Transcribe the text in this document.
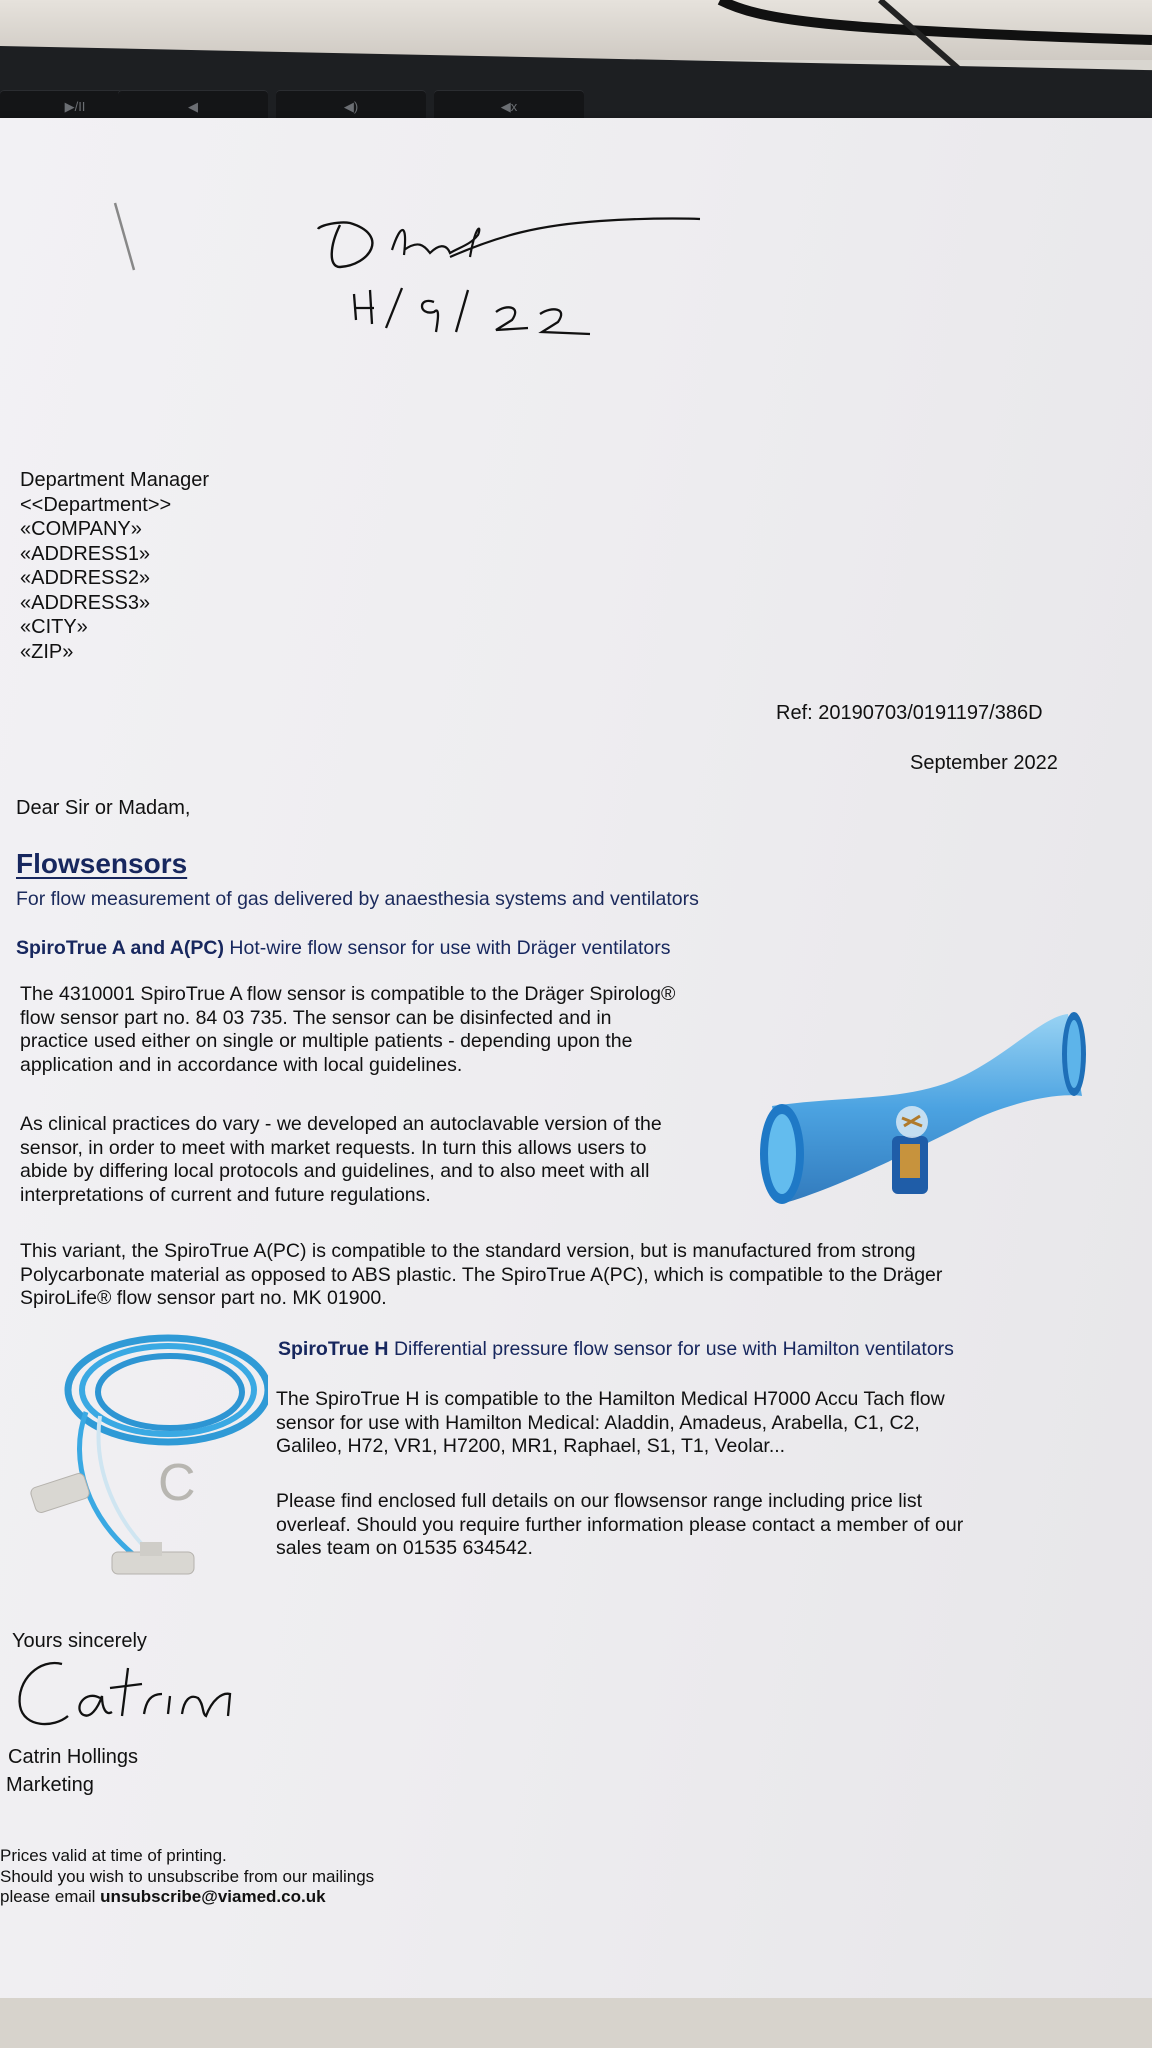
▶/II	◀	◀)	◀x
Department Manager
<<Department>>
«COMPANY»
«ADDRESS1»
«ADDRESS2»
«ADDRESS3»
«CITY»
«ZIP»
Ref: 20190703/0191197/386D
September 2022
Dear Sir or Madam,
Flowsensors
For flow measurement of gas delivered by anaesthesia systems and ventilators
SpiroTrue A and A(PC) Hot-wire flow sensor for use with Dräger ventilators
The 4310001 SpiroTrue A flow sensor is compatible to the Dräger Spirolog®
flow sensor part no. 84 03 735. The sensor can be disinfected and in
practice used either on single or multiple patients - depending upon the
application and in accordance with local guidelines.
As clinical practices do vary - we developed an autoclavable version of the
sensor, in order to meet with market requests. In turn this allows users to
abide by differing local protocols and guidelines, and to also meet with all
interpretations of current and future regulations.
This variant, the SpiroTrue A(PC) is compatible to the standard version, but is manufactured from strong
Polycarbonate material as opposed to ABS plastic. The SpiroTrue A(PC), which is compatible to the Dräger
SpiroLife® flow sensor part no. MK 01900.
SpiroTrue H Differential pressure flow sensor for use with Hamilton ventilators
The SpiroTrue H is compatible to the Hamilton Medical H7000 Accu Tach flow
sensor for use with Hamilton Medical: Aladdin, Amadeus, Arabella, C1, C2,
Galileo, H72, VR1, H7200, MR1, Raphael, S1, T1, Veolar...
Please find enclosed full details on our flowsensor range including price list
overleaf. Should you require further information please contact a member of our
sales team on 01535 634542.
C
Yours sincerely
Catrin Hollings
Marketing
Prices valid at time of printing.
Should you wish to unsubscribe from our mailings
please email unsubscribe@viamed.co.uk
